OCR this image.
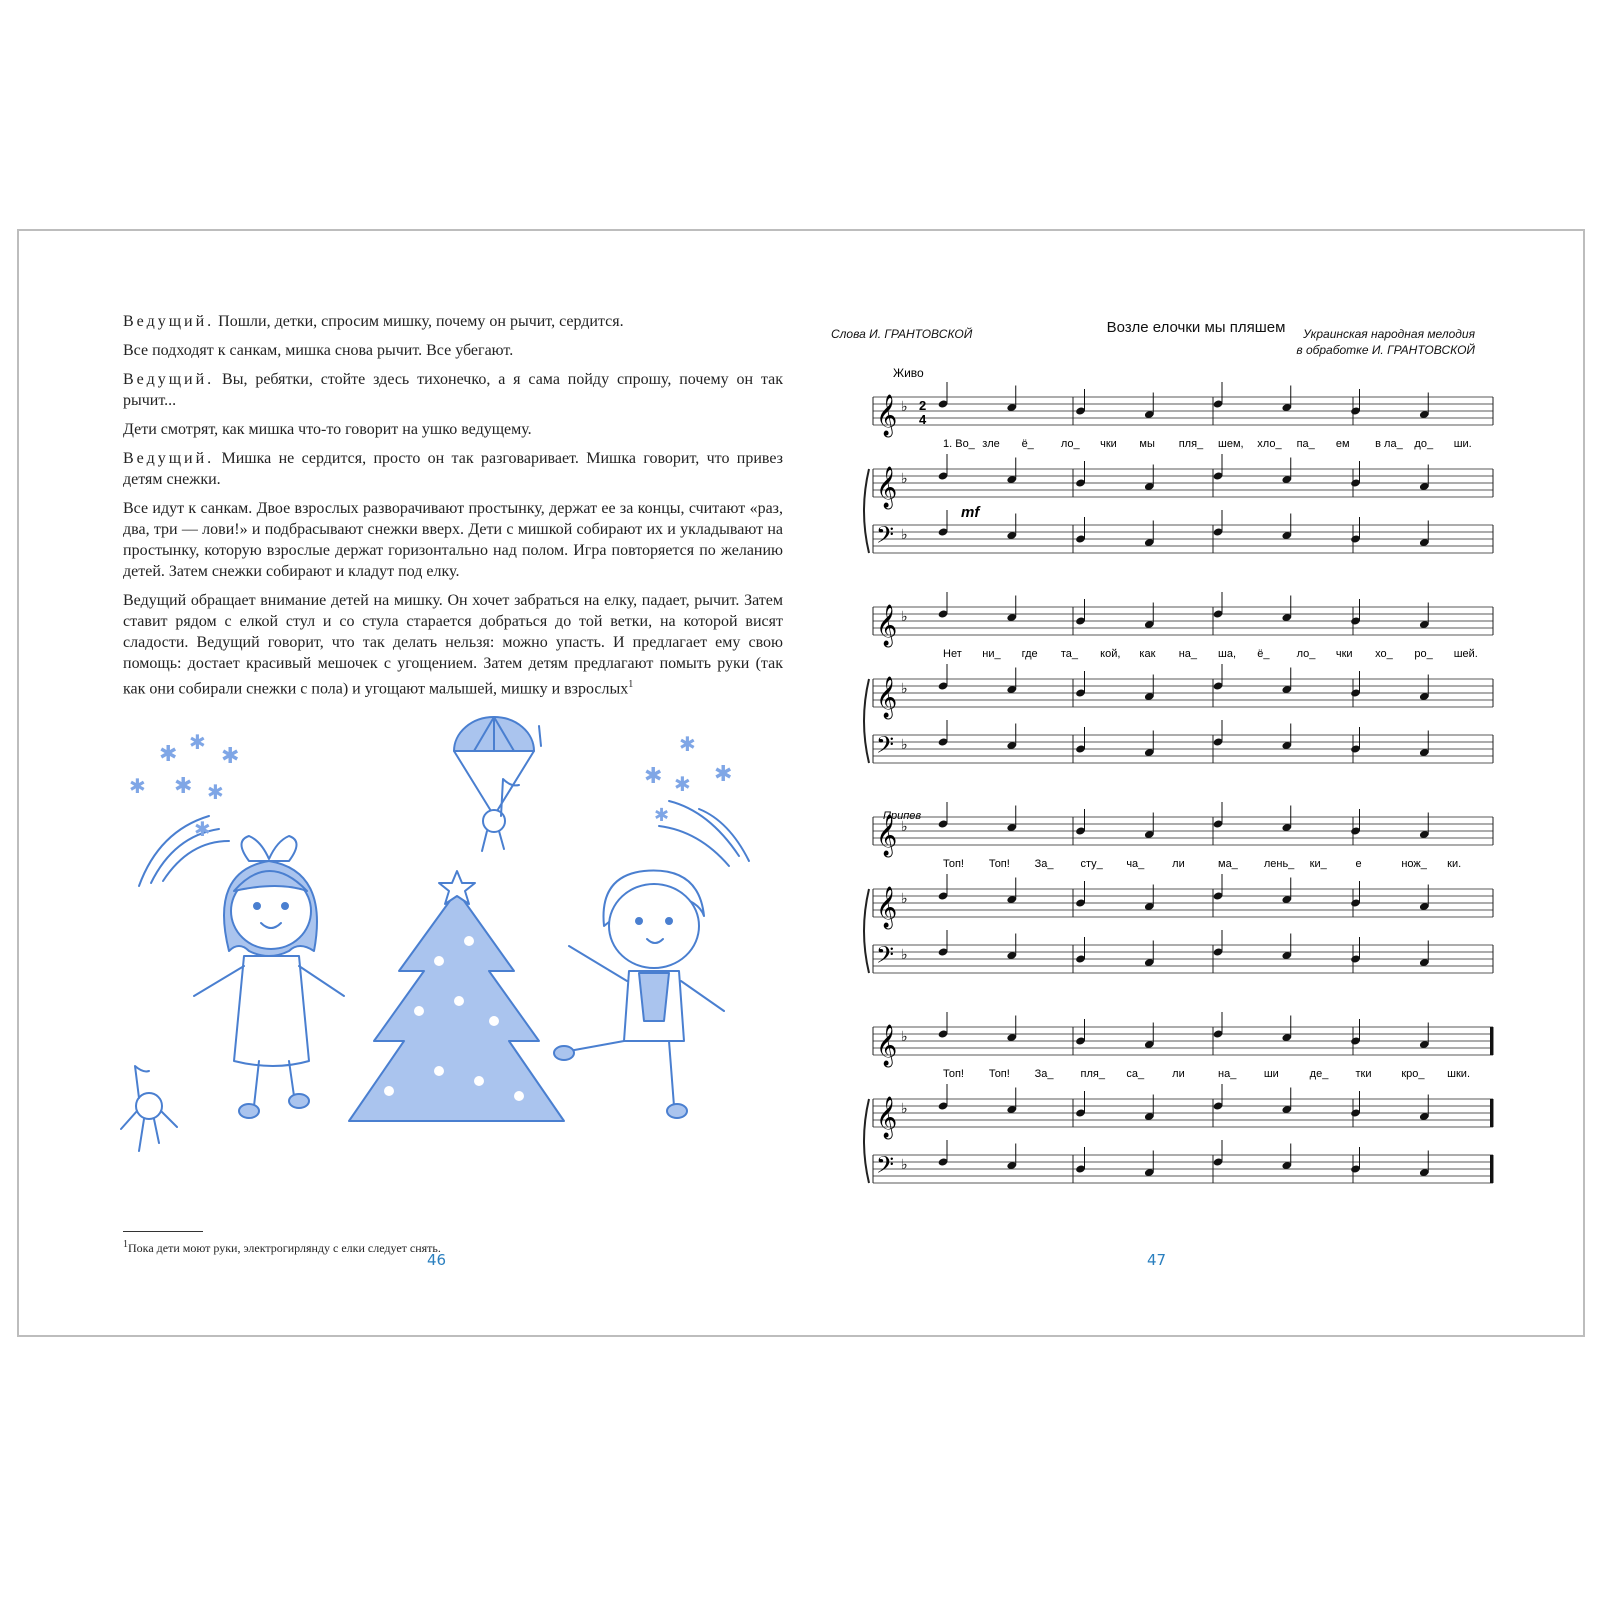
Ведущий. Пошли, детки, спросим мишку, почему он рычит, сердится.

Все подходят к санкам, мишка снова рычит. Все убегают.

Ведущий. Вы, ребятки, стойте здесь тихонечко, а я сама пойду спрошу, почему он так рычит...

Дети смотрят, как мишка что-то говорит на ушко ведущему.

Ведущий. Мишка не сердится, просто он так разговаривает. Мишка говорит, что привез детям снежки.

Все идут к санкам. Двое взрослых разворачивают простынку, держат ее за концы, считают «раз, два, три — лови!» и подбрасывают снежки вверх. Дети с мишкой собирают их и укладывают на простынку, которую взрослые держат горизонтально над полом. Игра повторяется по желанию детей. Затем снежки собирают и кладут под елку.

Ведущий обращает внимание детей на мишку. Он хочет забраться на елку, падает, рычит. Затем ставит рядом с елкой стул и со стула старается добраться до той ветки, на которой висят сладости. Ведущий говорит, что так делать нельзя: можно упасть. И предлагает ему свою помощь: достает красивый мешочек с угощением. Затем детям предлагают помыть руки (так как они собирали снежки с пола) и угощают малышей, мишку и взрослых$^1$

✱ ✱ ✱
✱ ✱ ✱
✱
✱
✱ ✱ ✱
✱
$^1$Пока дети моют руки, электрогирлянду с елки следует снять.
46
Возле елочки мы пляшем
Слова И. ГРАНТОВСКОЙ	Украинская народная мелодия
в обработке И. ГРАНТОВСКОЙ
Живо
mf
Припев
𝄞 ♭ 2
4
1. Во_ зле ё_ ло_ чки мы пля_ шем, хло_ па_ ем в ла_ до_ ши.
𝄞 ♭
𝄢 ♭
𝄞 ♭
Нет ни_ где та_ кой, как на_ ша, ё_ ло_ чки хо_ ро_ шей.
𝄞 ♭
𝄢 ♭
𝄞 ♭
Топ! Топ! За_ сту_ ча_	ли	ма_ лень_ ки_	е	нож_ ки.
𝄞 ♭
𝄢 ♭
𝄞 ♭
Топ! Топ! За_ пля_ са_	ли	на_	ши	де_ тки	кро_ шки.
𝄞 ♭
𝄢 ♭
47
